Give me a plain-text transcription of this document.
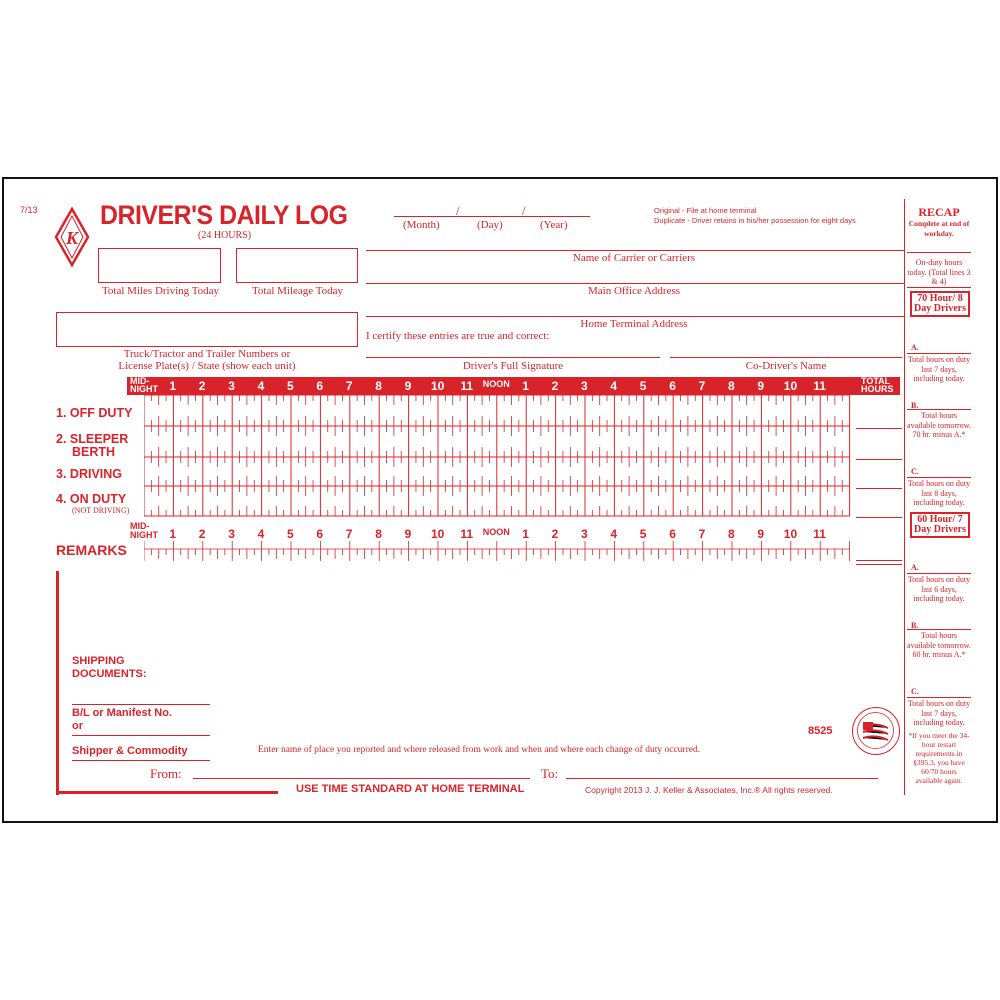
7/13
K
DRIVER'S DAILY LOG
(24 HOURS)
/	/
(Month)	(Day)	(Year)
Original - File at home terminal
Duplicate - Driver retains in his/her possession for eight days
Total Miles Driving Today	Total Mileage Today
Name of Carrier or Carriers
Main Office Address
Home Terminal Address
I certify these entries are true and correct:
Truck/Tractor and Trailer Numbers or
License Plate(s) / State (show each unit)	Driver's Full Signature	Co-Driver's Name
MID-
NIGHT 1 2 3 4 5 6 7 8 9 10 11 NOON 1 2 3 4 5 6 7 8 9 10 11	TOTAL
HOURS
1. OFF DUTY
2. SLEEPER
BERTH
3. DRIVING
4. ON DUTY
(NOT DRIVING)
MID-
NIGHT 1 2 3 4 5 6 7 8 9 10 11 NOON 1 2 3 4 5 6 7 8 9 10 11
REMARKS
SHIPPING
DOCUMENTS:
B/L or Manifest No.
or
Shipper & Commodity	Enter name of place you reported and where released from work and when and where each change of duty occurred.
8525
From:	To:
USE TIME STANDARD AT HOME TERMINAL	Copyright 2013 J. J. Keller & Associates, Inc.® All rights reserved.
RECAP
Complete at end of workday.
On-duty hours today. (Total lines 3 & 4)
70 Hour/ 8 Day Drivers
A.
Total hours on duty last 7 days, including today.
B.
Total hours available tomorrow. 70 hr. minus A.*
C.
Total hours on duty last 8 days, including today.
60 Hour/ 7 Day Drivers
A.
Total hours on duty last 6 days, including today.
B.
Total hours available tomorrow. 60 hr. minus A.*
C.
Total hours on duty last 7 days, including today.
*If you meet the 34-hour restart requirements in §395.3, you have 60/70 hours available again.
